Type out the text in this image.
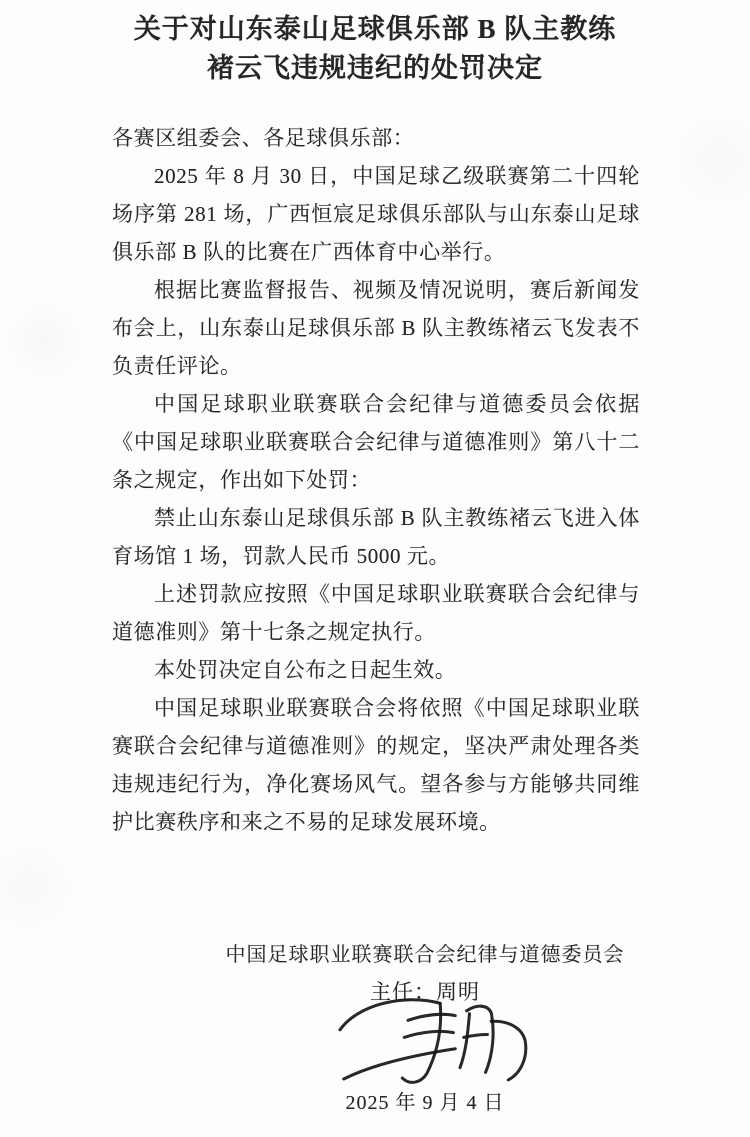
关于对山东泰山足球俱乐部 B 队主教练
褚云飞违规违纪的处罚决定

各赛区组委会、各足球俱乐部：

2025 年 8 月 30 日，中国足球乙级联赛第二十四轮场序第 281 场，广西恒宸足球俱乐部队与山东泰山足球俱乐部 B 队的比赛在广西体育中心举行。

根据比赛监督报告、视频及情况说明，赛后新闻发布会上，山东泰山足球俱乐部 B 队主教练褚云飞发表不负责任评论。

中国足球职业联赛联合会纪律与道德委员会依据《中国足球职业联赛联合会纪律与道德准则》第八十二条之规定，作出如下处罚：

禁止山东泰山足球俱乐部 B 队主教练褚云飞进入体育场馆 1 场，罚款人民币 5000 元。

上述罚款应按照《中国足球职业联赛联合会纪律与道德准则》第十七条之规定执行。

本处罚决定自公布之日起生效。

中国足球职业联赛联合会将依照《中国足球职业联赛联合会纪律与道德准则》的规定，坚决严肃处理各类违规违纪行为，净化赛场风气。望各参与方能够共同维护比赛秩序和来之不易的足球发展环境。

中国足球职业联赛联合会纪律与道德委员会

主任：周明

2025 年 9 月 4 日
